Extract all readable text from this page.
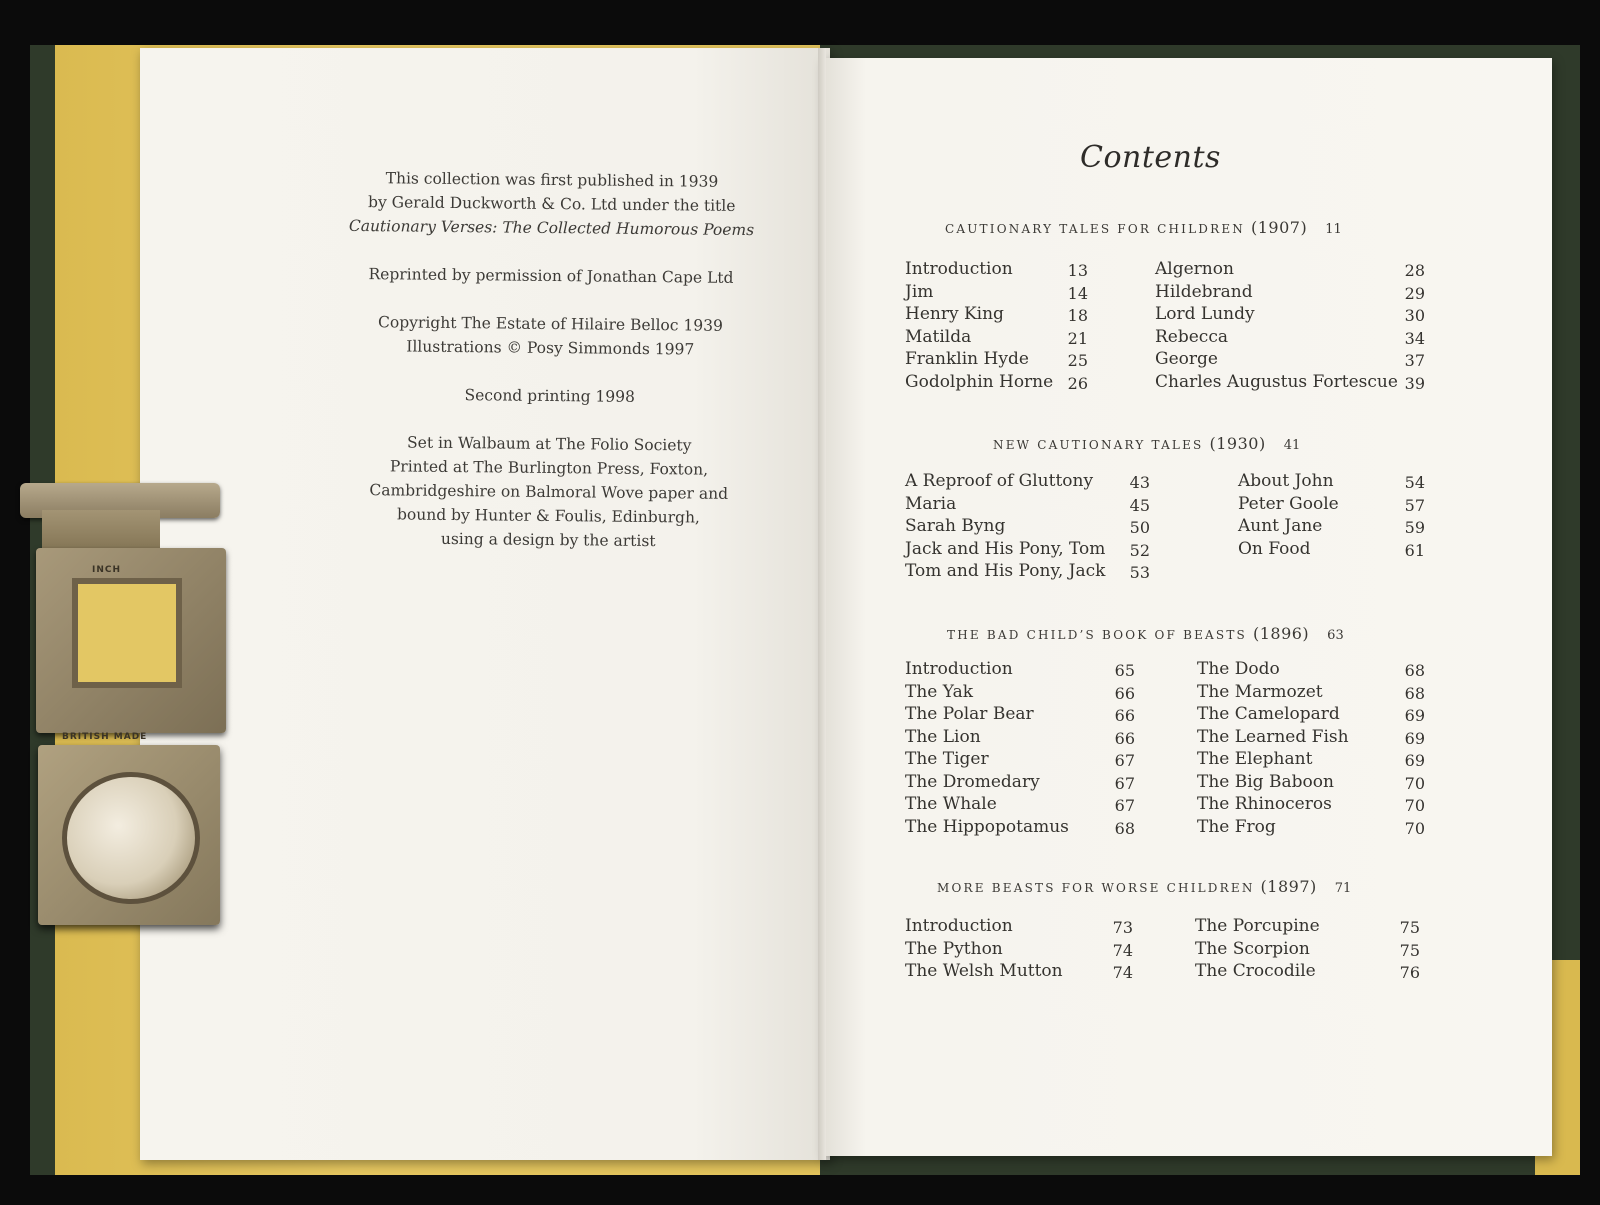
This collection was first published in 1939
by Gerald Duckworth & Co. Ltd under the title
Cautionary Verses: The Collected Humorous Poems
Reprinted by permission of Jonathan Cape Ltd
Copyright The Estate of Hilaire Belloc 1939
Illustrations © Posy Simmonds 1997
Second printing 1998
Set in Walbaum at The Folio Society
Printed at The Burlington Press, Foxton,
Cambridgeshire on Balmoral Wove paper and
bound by Hunter & Foulis, Edinburgh,
using a design by the artist
Contents
CAUTIONARY TALES FOR CHILDREN (1907) 11
Introduction	13
Jim	14
Henry King	18
Matilda	21
Franklin Hyde	25
Godolphin Horne 26
Algernon	28
Hildebrand	29
Lord Lundy	30
Rebecca	34
George	37
Charles Augustus Fortescue 39
NEW CAUTIONARY TALES (1930) 41
A Reproof of Gluttony	43
Maria	45
Sarah Byng	50
Jack and His Pony, Tom	52
Tom and His Pony, Jack	53
About John	54
Peter Goole	57
Aunt Jane	59
On Food	61
THE BAD CHILD’S BOOK OF BEASTS (1896) 63
Introduction	65
The Yak	66
The Polar Bear	66
The Lion	66
The Tiger	67
The Dromedary	67
The Whale	67
The Hippopotamus	68
The Dodo	68
The Marmozet	68
The Camelopard	69
The Learned Fish	69
The Elephant	69
The Big Baboon	70
The Rhinoceros	70
The Frog	70
MORE BEASTS FOR WORSE CHILDREN (1897) 71
Introduction	73
The Python	74
The Welsh Mutton	74
The Porcupine	75
The Scorpion	75
The Crocodile	76
INCH
BRITISH MADE
